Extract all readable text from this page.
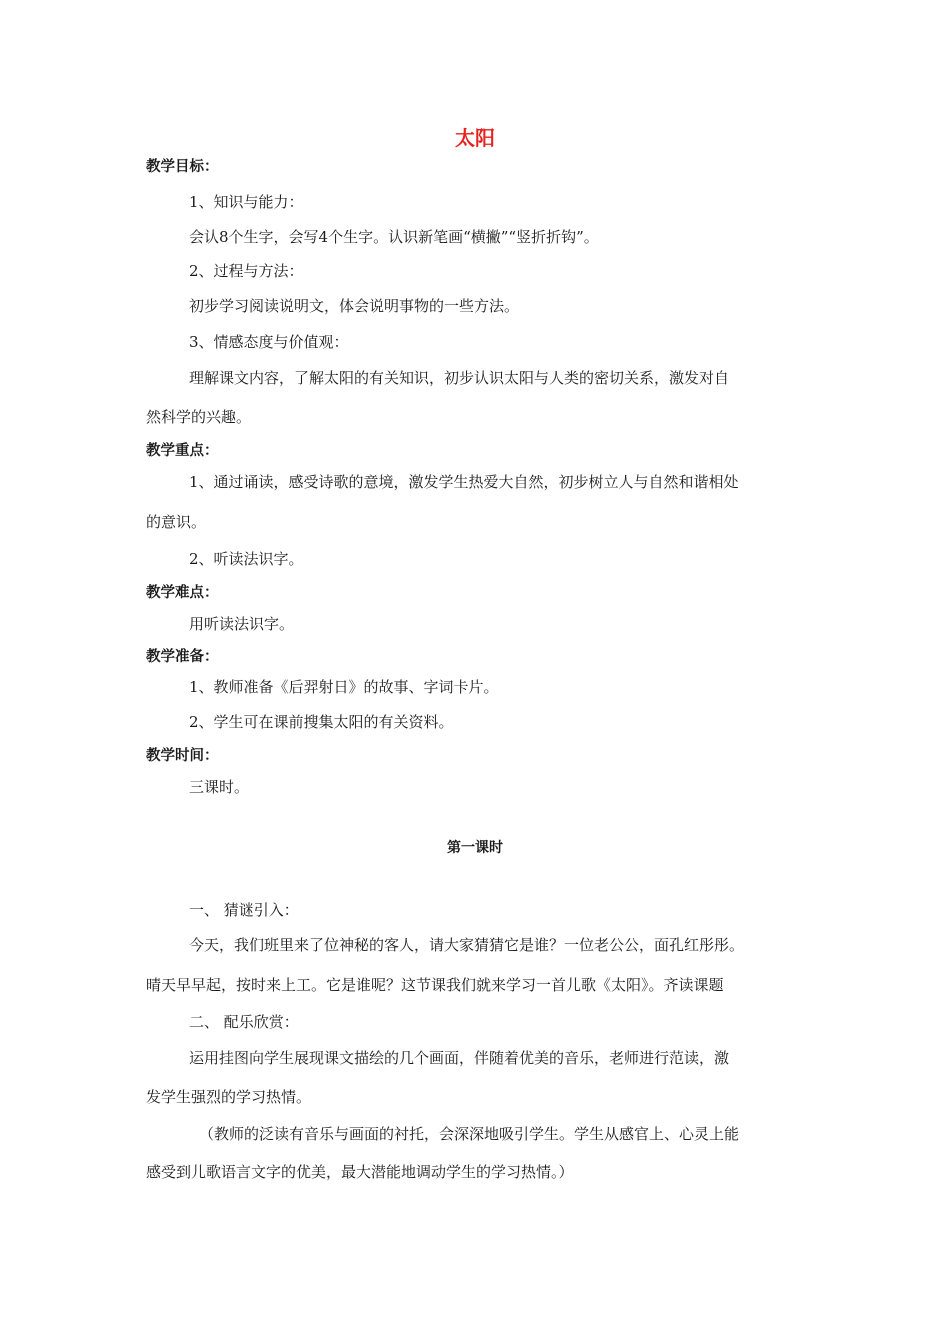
太阳
教学目标：
1、知识与能力：
会认8个生字，会写4个生字。认识新笔画“横撇”“竖折折钩”。
2、过程与方法：
初步学习阅读说明文，体会说明事物的一些方法。
3、情感态度与价值观：
理解课文内容，了解太阳的有关知识，初步认识太阳与人类的密切关系，激发对自
然科学的兴趣。
教学重点：
1、通过诵读，感受诗歌的意境，激发学生热爱大自然，初步树立人与自然和谐相处
的意识。
2、听读法识字。
教学难点：
用听读法识字。
教学准备：
1、教师准备《后羿射日》的故事、字词卡片。
2、学生可在课前搜集太阳的有关资料。
教学时间：
三课时。
第一课时
一、 猜谜引入：
今天，我们班里来了位神秘的客人，请大家猜猜它是谁？一位老公公，面孔红彤彤。
晴天早早起，按时来上工。它是谁呢？这节课我们就来学习一首儿歌《太阳》。齐读课题
二、 配乐欣赏：
运用挂图向学生展现课文描绘的几个画面，伴随着优美的音乐，老师进行范读，激
发学生强烈的学习热情。
（教师的泛读有音乐与画面的衬托，会深深地吸引学生。学生从感官上、心灵上能
感受到儿歌语言文字的优美，最大潜能地调动学生的学习热情。）
